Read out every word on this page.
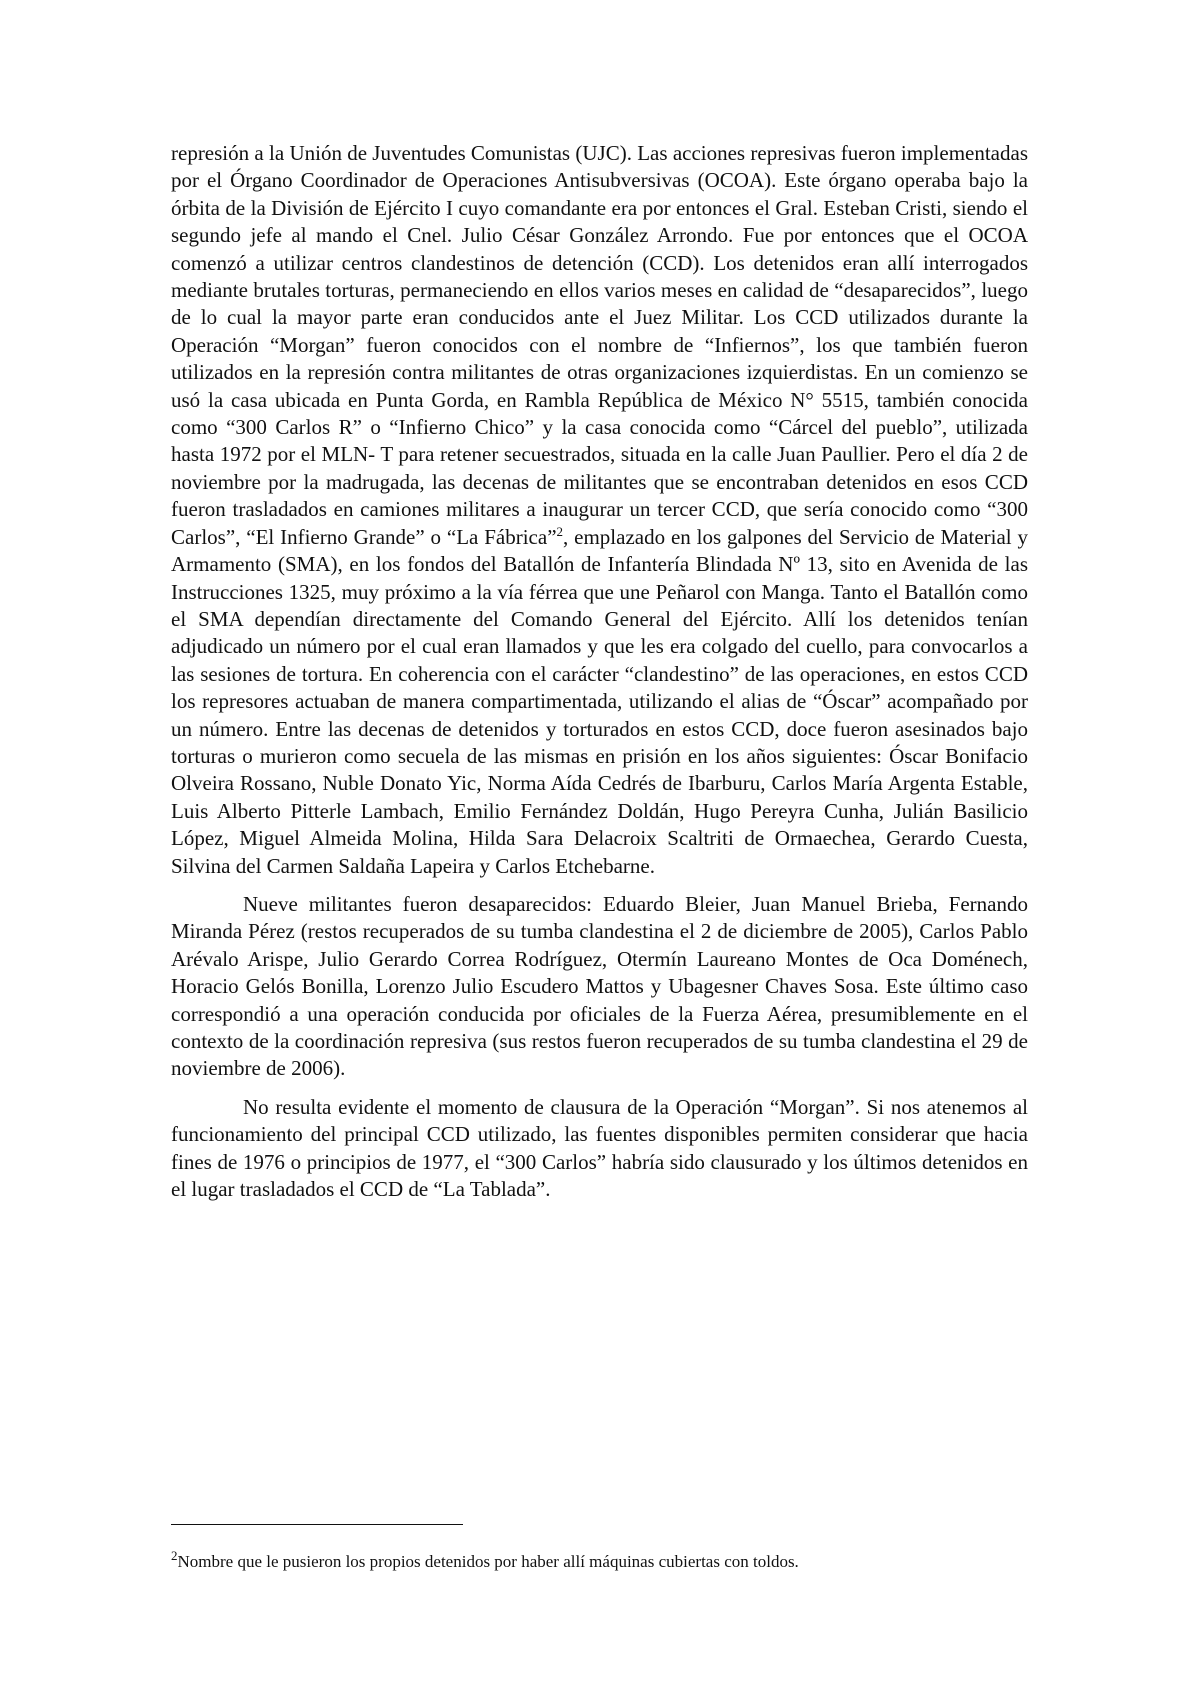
represión a la Unión de Juventudes Comunistas (UJC). Las acciones represivas fueron implementadas por el Órgano Coordinador de Operaciones Antisubversivas (OCOA). Este órgano operaba bajo la órbita de la División de Ejército I cuyo comandante era por entonces el Gral. Esteban Cristi, siendo el segundo jefe al mando el Cnel. Julio César González Arrondo. Fue por entonces que el OCOA comenzó a utilizar centros clandestinos de detención (CCD). Los detenidos eran allí interrogados mediante brutales torturas, permaneciendo en ellos varios meses en calidad de “desaparecidos”, luego de lo cual la mayor parte eran conducidos ante el Juez Militar. Los CCD utilizados durante la Operación “Morgan” fueron conocidos con el nombre de “Infiernos”, los que también fueron utilizados en la represión contra militantes de otras organizaciones izquierdistas. En un comienzo se usó la casa ubicada en Punta Gorda, en Rambla República de México N° 5515, también conocida como “300 Carlos R” o “Infierno Chico” y la casa conocida como “Cárcel del pueblo”, utilizada hasta 1972 por el MLN- T para retener secuestrados, situada en la calle Juan Paullier. Pero el día 2 de noviembre por la madrugada, las decenas de militantes que se encontraban detenidos en esos CCD fueron trasladados en camiones militares a inaugurar un tercer CCD, que sería conocido como “300 Carlos”, “El Infierno Grande” o “La Fábrica”$^2$, emplazado en los galpones del Servicio de Material y Armamento (SMA), en los fondos del Batallón de Infantería Blindada Nº 13, sito en Avenida de las Instrucciones 1325, muy próximo a la vía férrea que une Peñarol con Manga. Tanto el Batallón como el SMA dependían directamente del Comando General del Ejército. Allí los detenidos tenían adjudicado un número por el cual eran llamados y que les era colgado del cuello, para convocarlos a las sesiones de tortura. En coherencia con el carácter “clandestino” de las operaciones, en estos CCD los represores actuaban de manera compartimentada, utilizando el alias de “Óscar” acompañado por un número. Entre las decenas de detenidos y torturados en estos CCD, doce fueron asesinados bajo torturas o murieron como secuela de las mismas en prisión en los años siguientes: Óscar Bonifacio Olveira Rossano, Nuble Donato Yic, Norma Aída Cedrés de Ibarburu, Carlos María Argenta Estable, Luis Alberto Pitterle Lambach, Emilio Fernández Doldán, Hugo Pereyra Cunha, Julián Basilicio López, Miguel Almeida Molina, Hilda Sara Delacroix Scaltriti de Ormaechea, Gerardo Cuesta, Silvina del Carmen Saldaña Lapeira y Carlos Etchebarne.

Nueve militantes fueron desaparecidos: Eduardo Bleier, Juan Manuel Brieba, Fernando Miranda Pérez (restos recuperados de su tumba clandestina el 2 de diciembre de 2005), Carlos Pablo Arévalo Arispe, Julio Gerardo Correa Rodríguez, Otermín Laureano Montes de Oca Doménech, Horacio Gelós Bonilla, Lorenzo Julio Escudero Mattos y Ubagesner Chaves Sosa. Este último caso correspondió a una operación conducida por oficiales de la Fuerza Aérea, presumiblemente en el contexto de la coordinación represiva (sus restos fueron recuperados de su tumba clandestina el 29 de noviembre de 2006).

No resulta evidente el momento de clausura de la Operación “Morgan”. Si nos atenemos al funcionamiento del principal CCD utilizado, las fuentes disponibles permiten considerar que hacia fines de 1976 o principios de 1977, el “300 Carlos” habría sido clausurado y los últimos detenidos en el lugar trasladados el CCD de “La Tablada”.

$^2$Nombre que le pusieron los propios detenidos por haber allí máquinas cubiertas con toldos.
